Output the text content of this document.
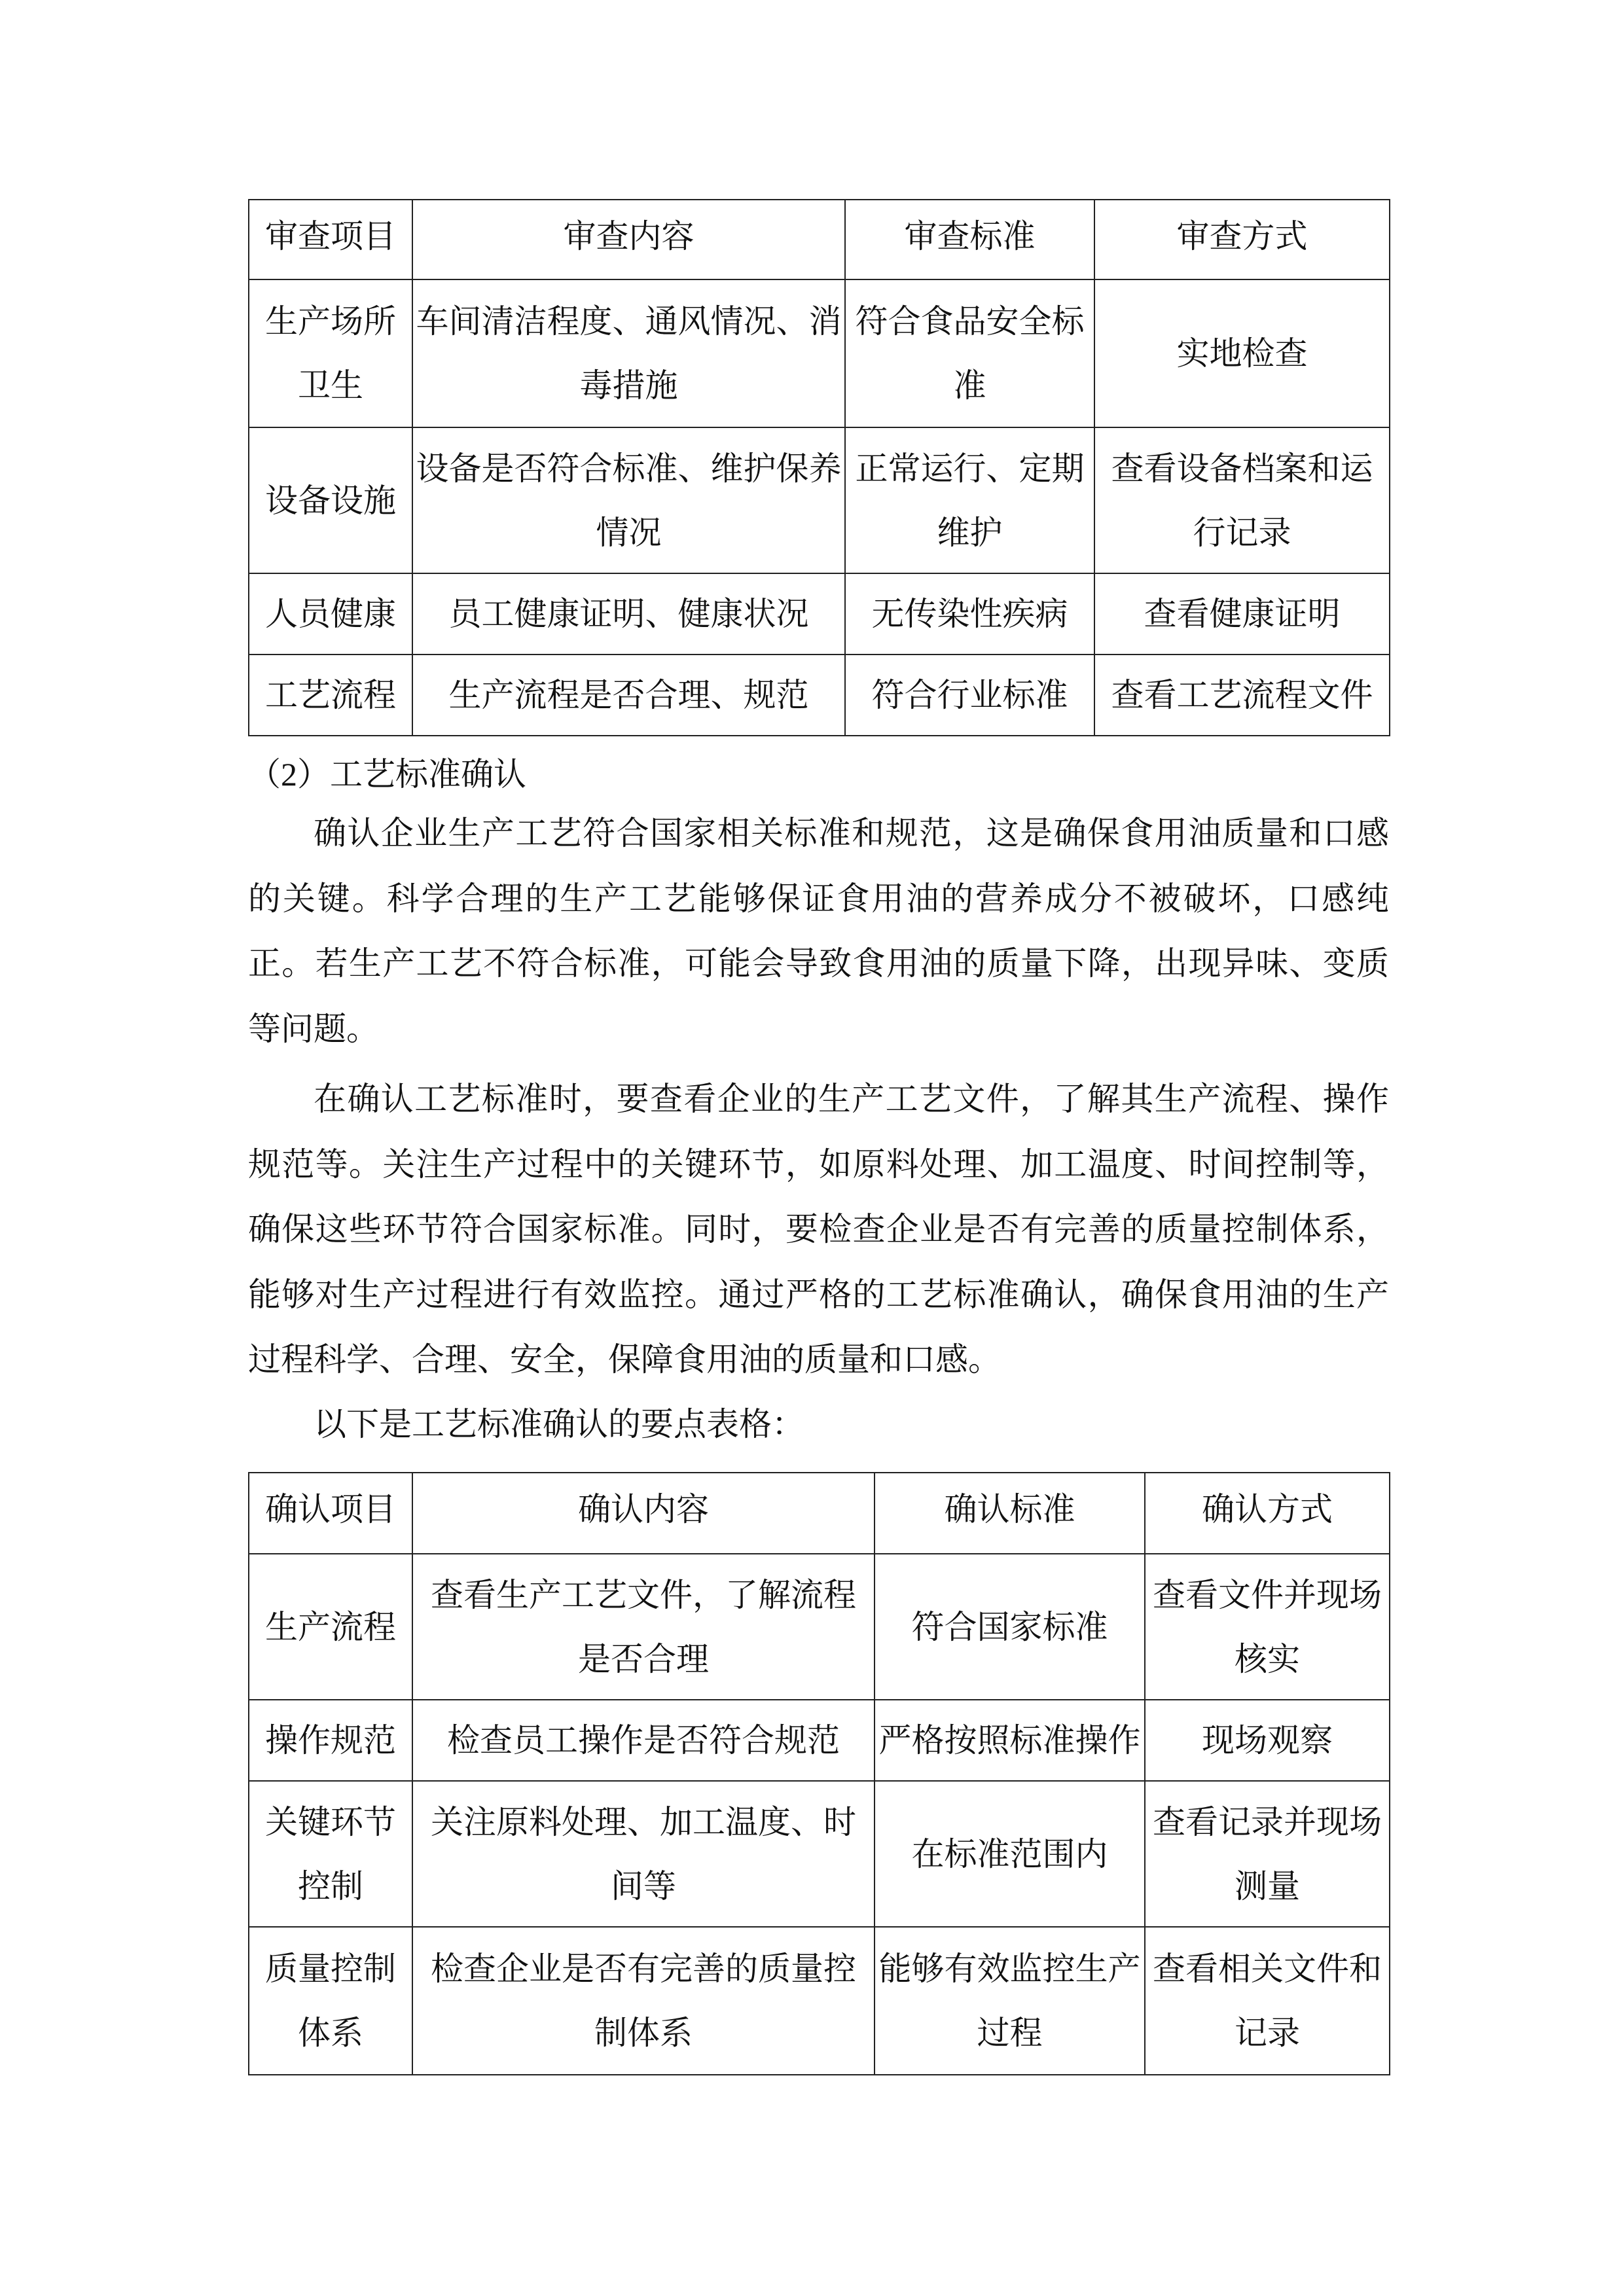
审查项目	审查内容	审查标准	审查方式
生产场所卫生	车间清洁程度、通风情况、消毒措施	符合食品安全标准	实地检查
设备设施	设备是否符合标准、维护保养情况	正常运行、定期维护	查看设备档案和运行记录
人员健康	员工健康证明、健康状况	无传染性疾病	查看健康证明
工艺流程	生产流程是否合理、规范	符合行业标准	查看工艺流程文件
（2）工艺标准确认
确认企业生产工艺符合国家相关标准和规范，这是确保食用油质量和口感的关键。科学合理的生产工艺能够保证食用油的营养成分不被破坏，口感纯正。若生产工艺不符合标准，可能会导致食用油的质量下降，出现异味、变质等问题。
在确认工艺标准时，要查看企业的生产工艺文件，了解其生产流程、操作规范等。关注生产过程中的关键环节，如原料处理、加工温度、时间控制等，确保这些环节符合国家标准。同时，要检查企业是否有完善的质量控制体系，能够对生产过程进行有效监控。通过严格的工艺标准确认，确保食用油的生产过程科学、合理、安全，保障食用油的质量和口感。
以下是工艺标准确认的要点表格：
确认项目	确认内容	确认标准	确认方式
生产流程	查看生产工艺文件，了解流程是否合理	符合国家标准	查看文件并现场核实
操作规范	检查员工操作是否符合规范	严格按照标准操作	现场观察
关键环节控制	关注原料处理、加工温度、时间等	在标准范围内	查看记录并现场测量
质量控制体系	检查企业是否有完善的质量控制体系	能够有效监控生产过程	查看相关文件和记录
